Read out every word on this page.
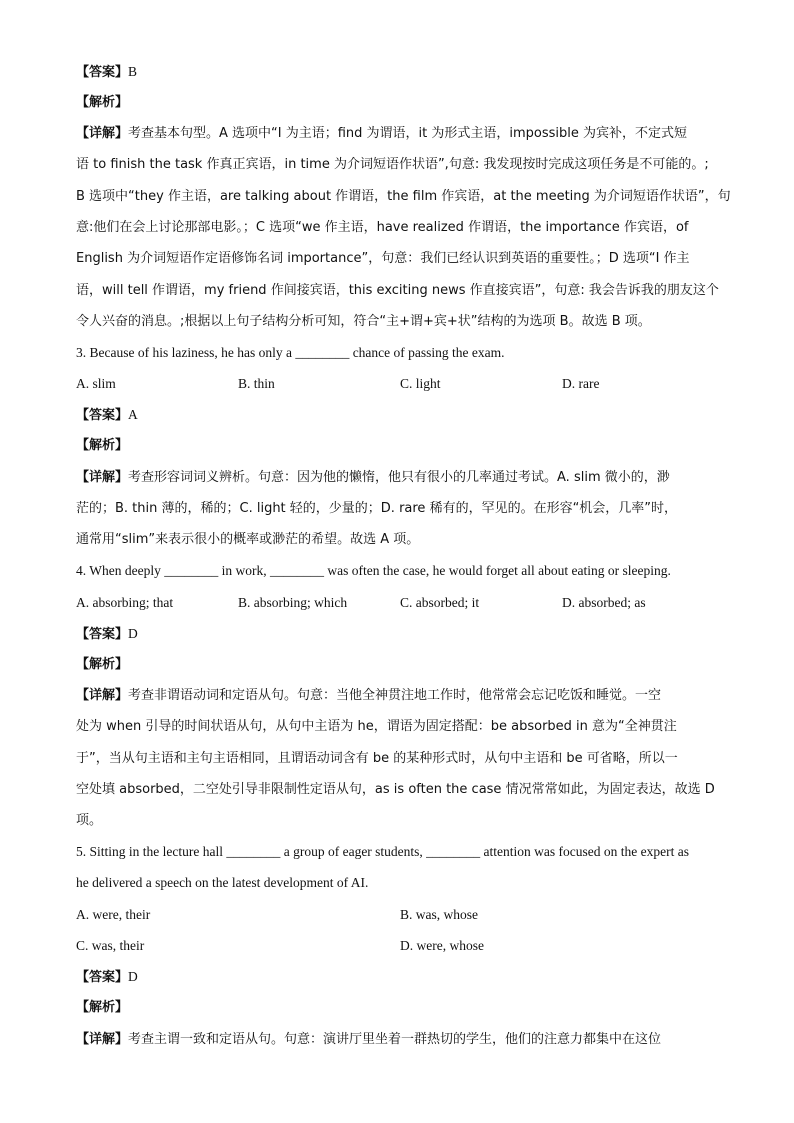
【答案】B
【解析】
【详解】考查基本句型。A 选项中“I 为主语；find 为谓语，it 为形式主语，impossible 为宾补，不定式短
语 to finish the task 作真正宾语，in time 为介词短语作状语”,句意: 我发现按时完成这项任务是不可能的。;
B 选项中“they 作主语，are talking about 作谓语，the film 作宾语，at the meeting 为介词短语作状语”，句
意:他们在会上讨论那部电影。；C 选项“we 作主语，have realized 作谓语，the importance 作宾语，of
English 为介词短语作定语修饰名词 importance”，句意：我们已经认识到英语的重要性。；D 选项“I 作主
语，will tell 作谓语，my friend 作间接宾语，this exciting news 作直接宾语”，句意: 我会告诉我的朋友这个
令人兴奋的消息。;根据以上句子结构分析可知，符合“主+谓+宾+状”结构的为选项 B。故选 B 项。
3. Because of his laziness, he has only a ________ chance of passing the exam.
A. slim	B. thin	C. light	D. rare
【答案】A
【解析】
【详解】考查形容词词义辨析。句意：因为他的懒惰，他只有很小的几率通过考试。A. slim 微小的，渺
茫的；B. thin 薄的，稀的；C. light 轻的，少量的；D. rare 稀有的，罕见的。在形容“机会，几率”时，
通常用“slim”来表示很小的概率或渺茫的希望。故选 A 项。
4. When deeply ________ in work, ________ was often the case, he would forget all about eating or sleeping.
A. absorbing; that	B. absorbing; which	C. absorbed; it	D. absorbed; as
【答案】D
【解析】
【详解】考查非谓语动词和定语从句。句意：当他全神贯注地工作时，他常常会忘记吃饭和睡觉。一空
处为 when 引导的时间状语从句，从句中主语为 he，谓语为固定搭配：be absorbed in 意为“全神贯注
于”，当从句主语和主句主语相同，且谓语动词含有 be 的某种形式时，从句中主语和 be 可省略，所以一
空处填 absorbed，二空处引导非限制性定语从句，as is often the case 情况常常如此，为固定表达，故选 D
项。
5. Sitting in the lecture hall ________ a group of eager students, ________ attention was focused on the expert as
he delivered a speech on the latest development of AI.
A. were, their	B. was, whose
C. was, their	D. were, whose
【答案】D
【解析】
【详解】考查主谓一致和定语从句。句意：演讲厅里坐着一群热切的学生，他们的注意力都集中在这位
